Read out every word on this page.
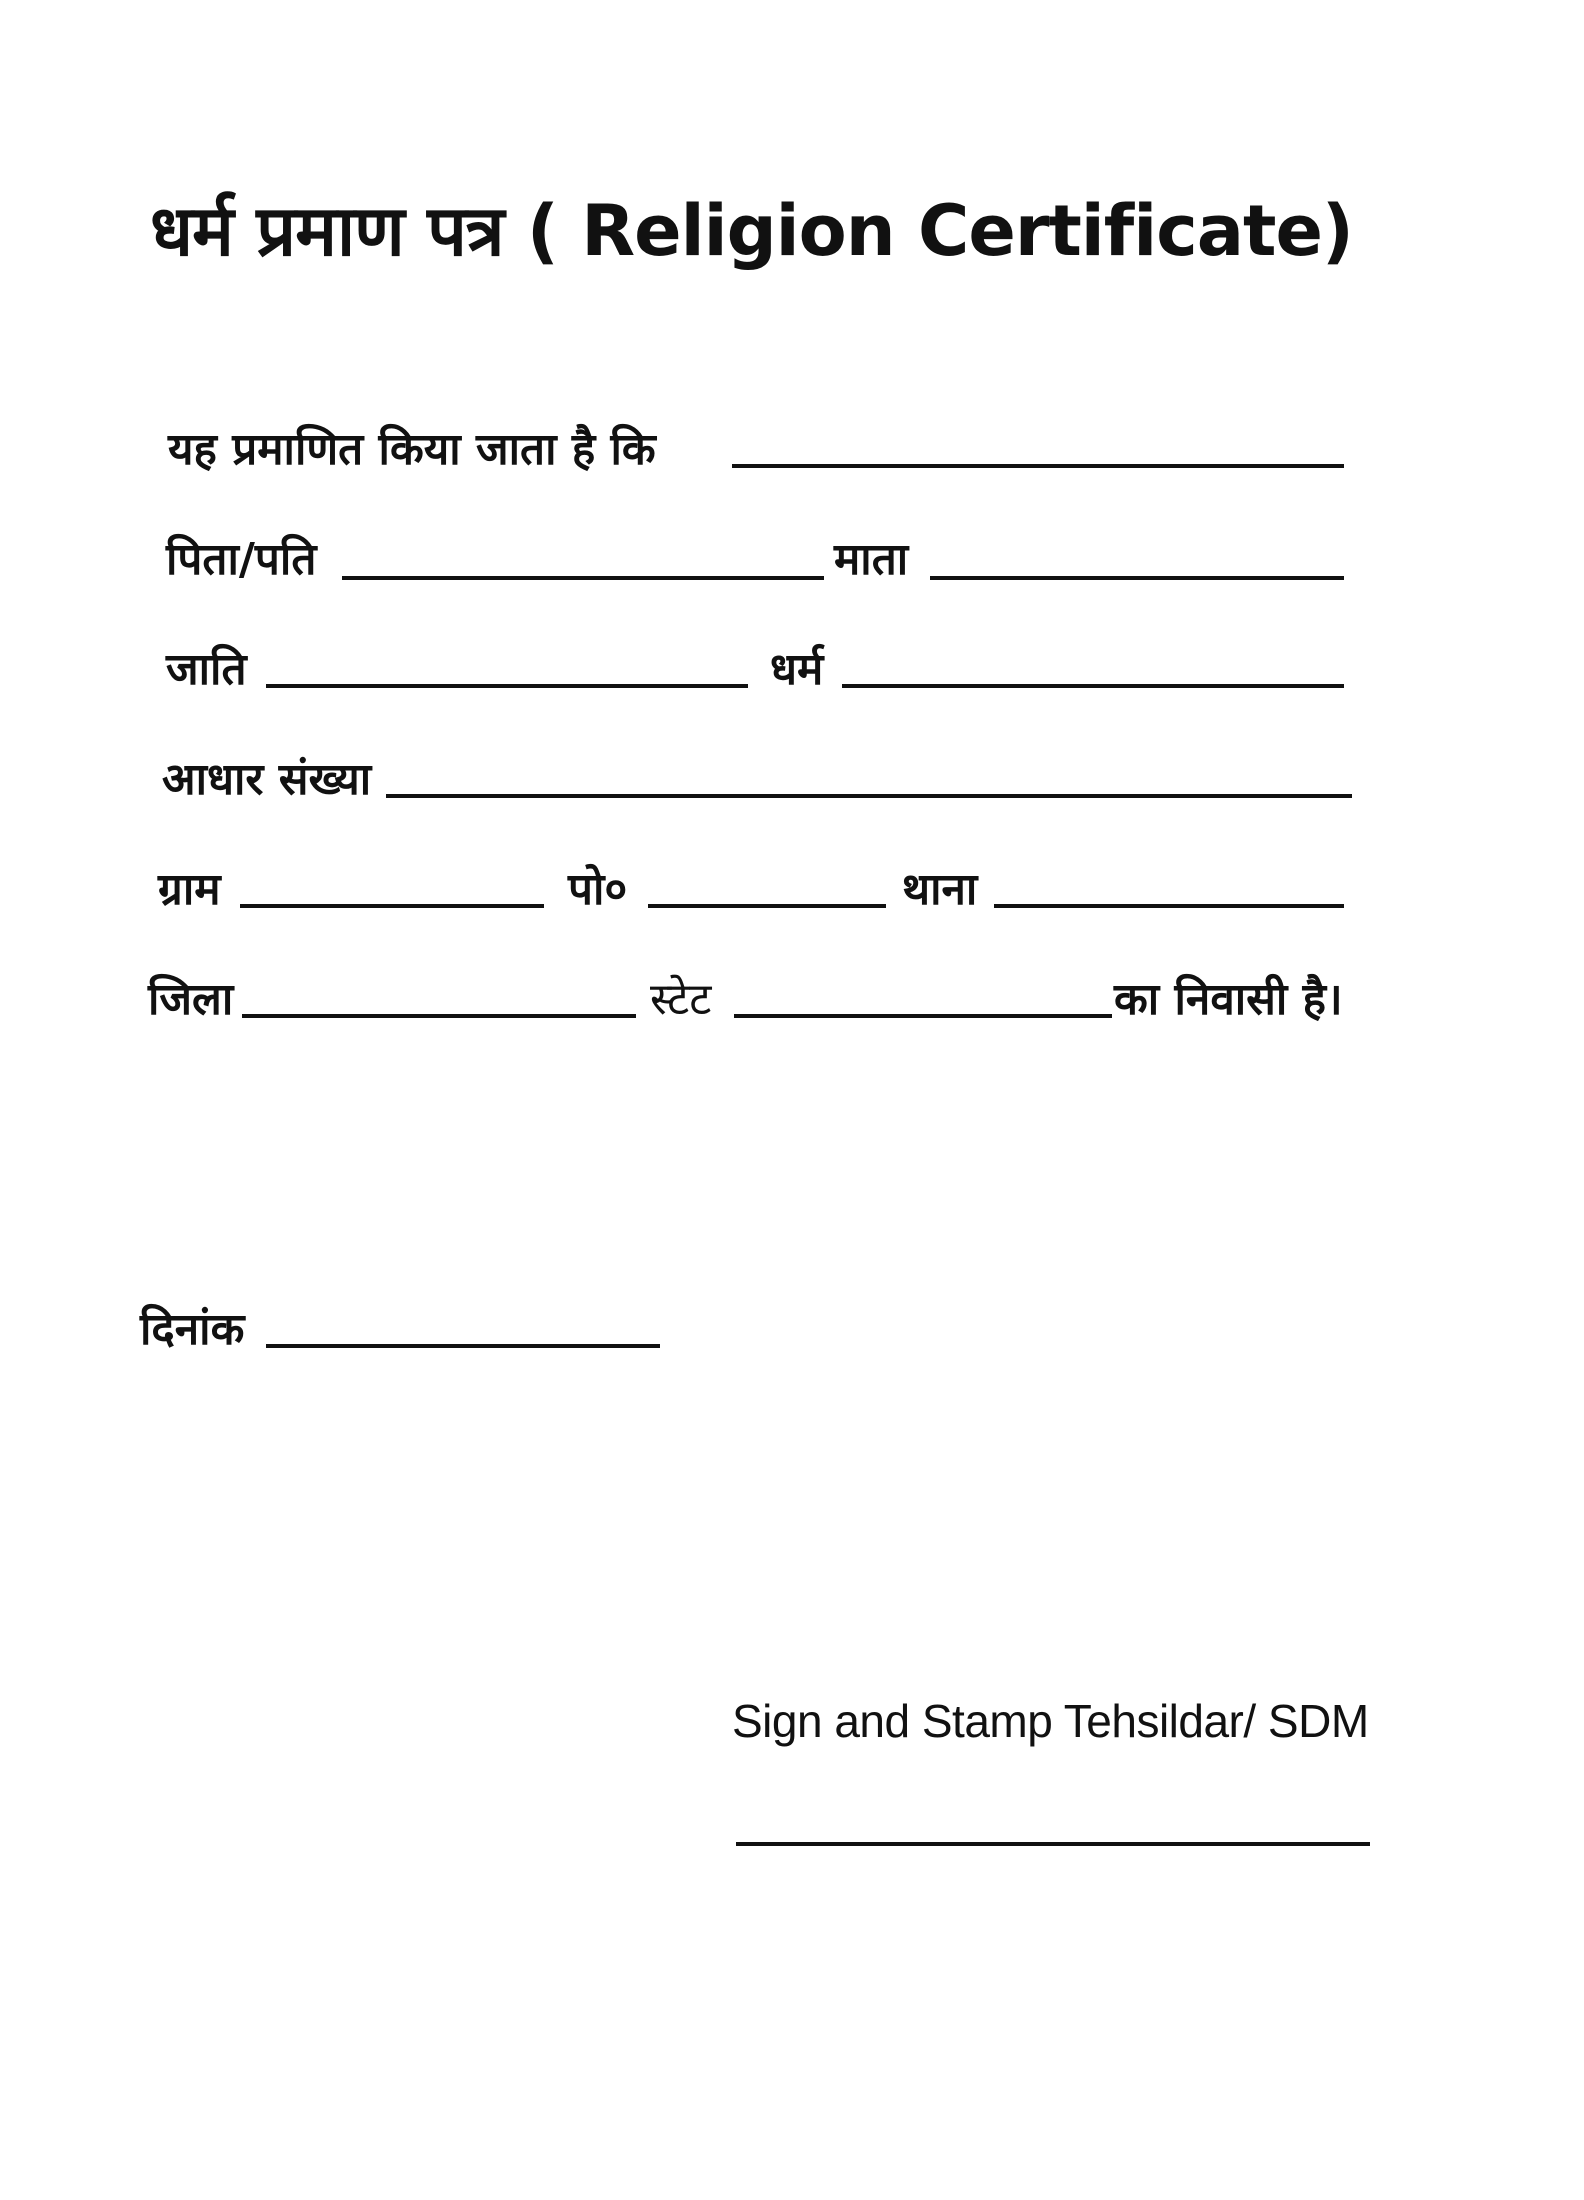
धर्म प्रमाण पत्र ( Religion Certificate)
यह प्रमाणित किया जाता है कि
पिता/पति	माता
जाति	धर्म
आधार संख्या
ग्राम	पो०	थाना
जिला	स्टेट	का निवासी है।
दिनांक
Sign and Stamp Tehsildar/ SDM
